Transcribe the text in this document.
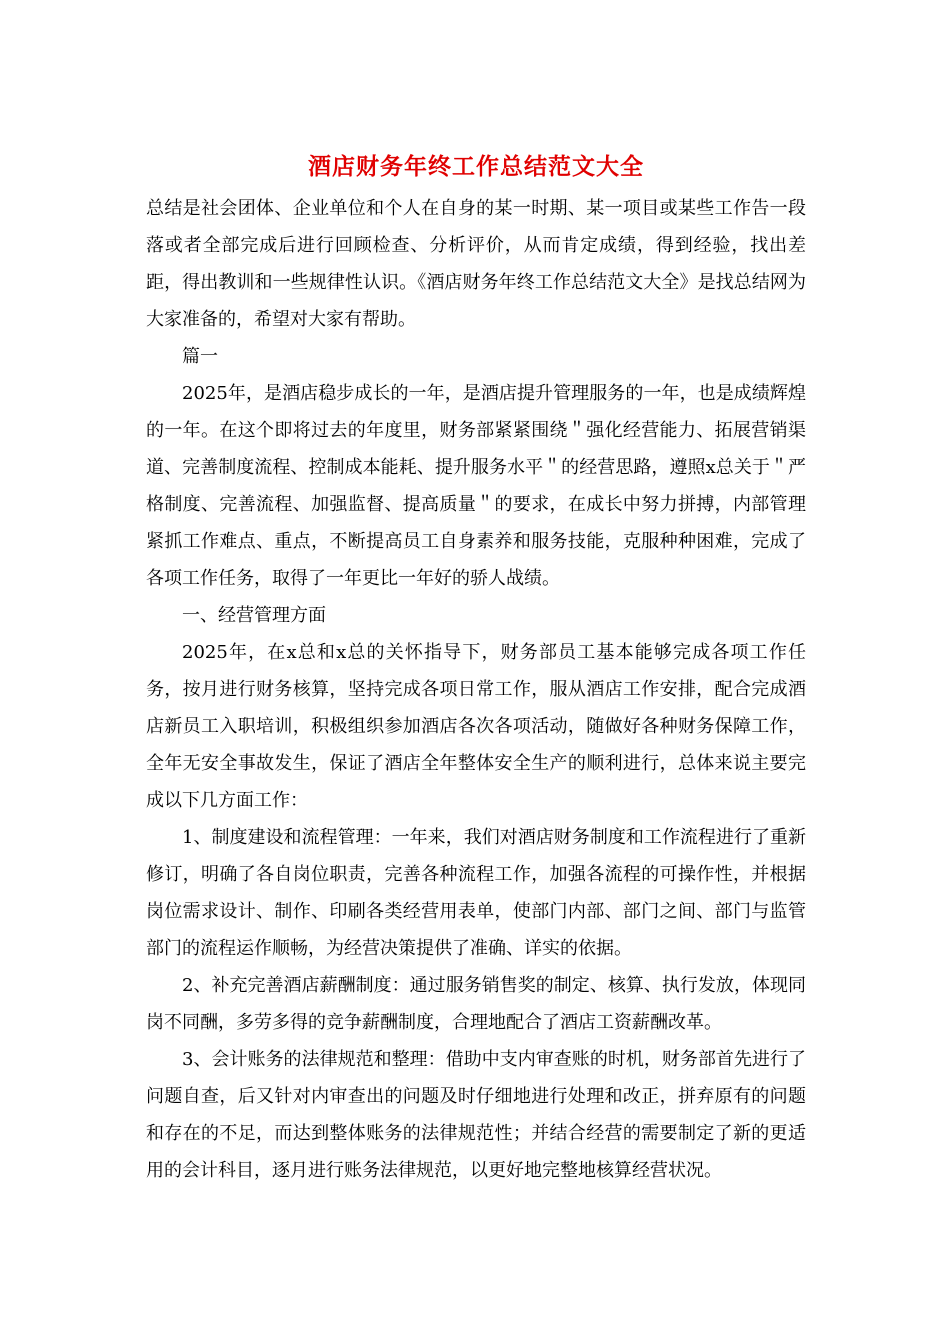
酒店财务年终工作总结范文大全

总结是社会团体、企业单位和个人在自身的某一时期、某一项目或某些工作告一段落或者全部完成后进行回顾检查、分析评价，从而肯定成绩，得到经验，找出差距，得出教训和一些规律性认识。《酒店财务年终工作总结范文大全》是找总结网为大家准备的，希望对大家有帮助。

篇一

2025年，是酒店稳步成长的一年，是酒店提升管理服务的一年，也是成绩辉煌的一年。在这个即将过去的年度里，财务部紧紧围绕＂强化经营能力、拓展营销渠道、完善制度流程、控制成本能耗、提升服务水平＂的经营思路，遵照x总关于＂严格制度、完善流程、加强监督、提高质量＂的要求，在成长中努力拼搏，内部管理紧抓工作难点、重点，不断提高员工自身素养和服务技能，克服种种困难，完成了各项工作任务，取得了一年更比一年好的骄人战绩。

一、经营管理方面

2025年，在x总和x总的关怀指导下，财务部员工基本能够完成各项工作任务，按月进行财务核算，坚持完成各项日常工作，服从酒店工作安排，配合完成酒店新员工入职培训，积极组织参加酒店各次各项活动，随做好各种财务保障工作，全年无安全事故发生，保证了酒店全年整体安全生产的顺利进行，总体来说主要完成以下几方面工作：

1、制度建设和流程管理：一年来，我们对酒店财务制度和工作流程进行了重新修订，明确了各自岗位职责，完善各种流程工作，加强各流程的可操作性，并根据岗位需求设计、制作、印刷各类经营用表单，使部门内部、部门之间、部门与监管部门的流程运作顺畅，为经营决策提供了准确、详实的依据。

2、补充完善酒店薪酬制度：通过服务销售奖的制定、核算、执行发放，体现同岗不同酬，多劳多得的竞争薪酬制度，合理地配合了酒店工资薪酬改革。

3、会计账务的法律规范和整理：借助中支内审查账的时机，财务部首先进行了问题自查，后又针对内审查出的问题及时仔细地进行处理和改正，拼弃原有的问题和存在的不足，而达到整体账务的法律规范性；并结合经营的需要制定了新的更适用的会计科目，逐月进行账务法律规范，以更好地完整地核算经营状况。
